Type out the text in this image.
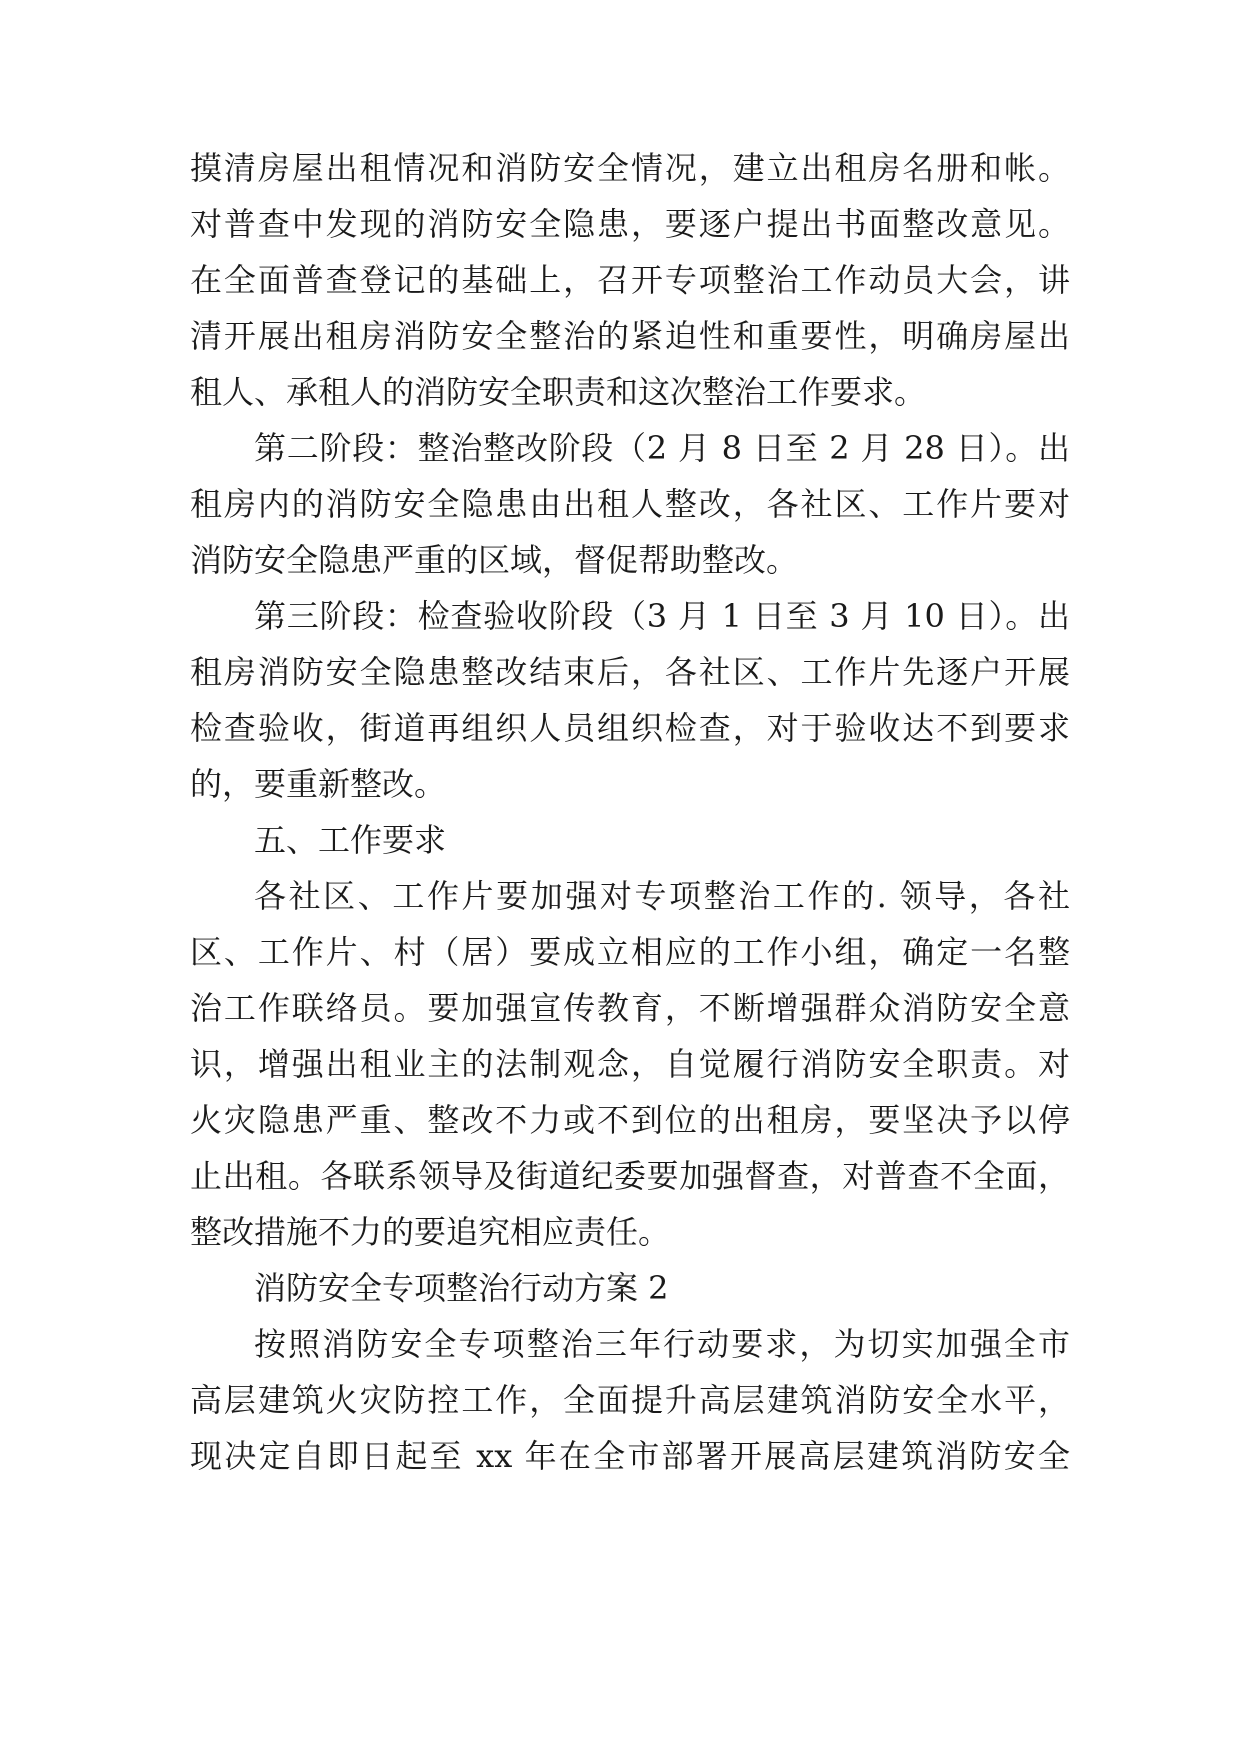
摸清房屋出租情况和消防安全情况，建立出租房名册和帐。
对普查中发现的消防安全隐患，要逐户提出书面整改意见。
在全面普查登记的基础上，召开专项整治工作动员大会，讲
清开展出租房消防安全整治的紧迫性和重要性，明确房屋出
租人、承租人的消防安全职责和这次整治工作要求。
第二阶段：整治整改阶段（2 月 8 日至 2 月 28 日）。出
租房内的消防安全隐患由出租人整改，各社区、工作片要对
消防安全隐患严重的区域，督促帮助整改。
第三阶段：检查验收阶段（3 月 1 日至 3 月 10 日）。出
租房消防安全隐患整改结束后，各社区、工作片先逐户开展
检查验收，街道再组织人员组织检查，对于验收达不到要求
的，要重新整改。
五、工作要求
各社区、工作片要加强对专项整治工作的. 领导，各社
区、工作片、村（居）要成立相应的工作小组，确定一名整
治工作联络员。要加强宣传教育，不断增强群众消防安全意
识，增强出租业主的法制观念，自觉履行消防安全职责。对
火灾隐患严重、整改不力或不到位的出租房，要坚决予以停
止出租。各联系领导及街道纪委要加强督查，对普查不全面，
整改措施不力的要追究相应责任。
消防安全专项整治行动方案 2
按照消防安全专项整治三年行动要求，为切实加强全市
高层建筑火灾防控工作，全面提升高层建筑消防安全水平，
现决定自即日起至 xx 年在全市部署开展高层建筑消防安全
